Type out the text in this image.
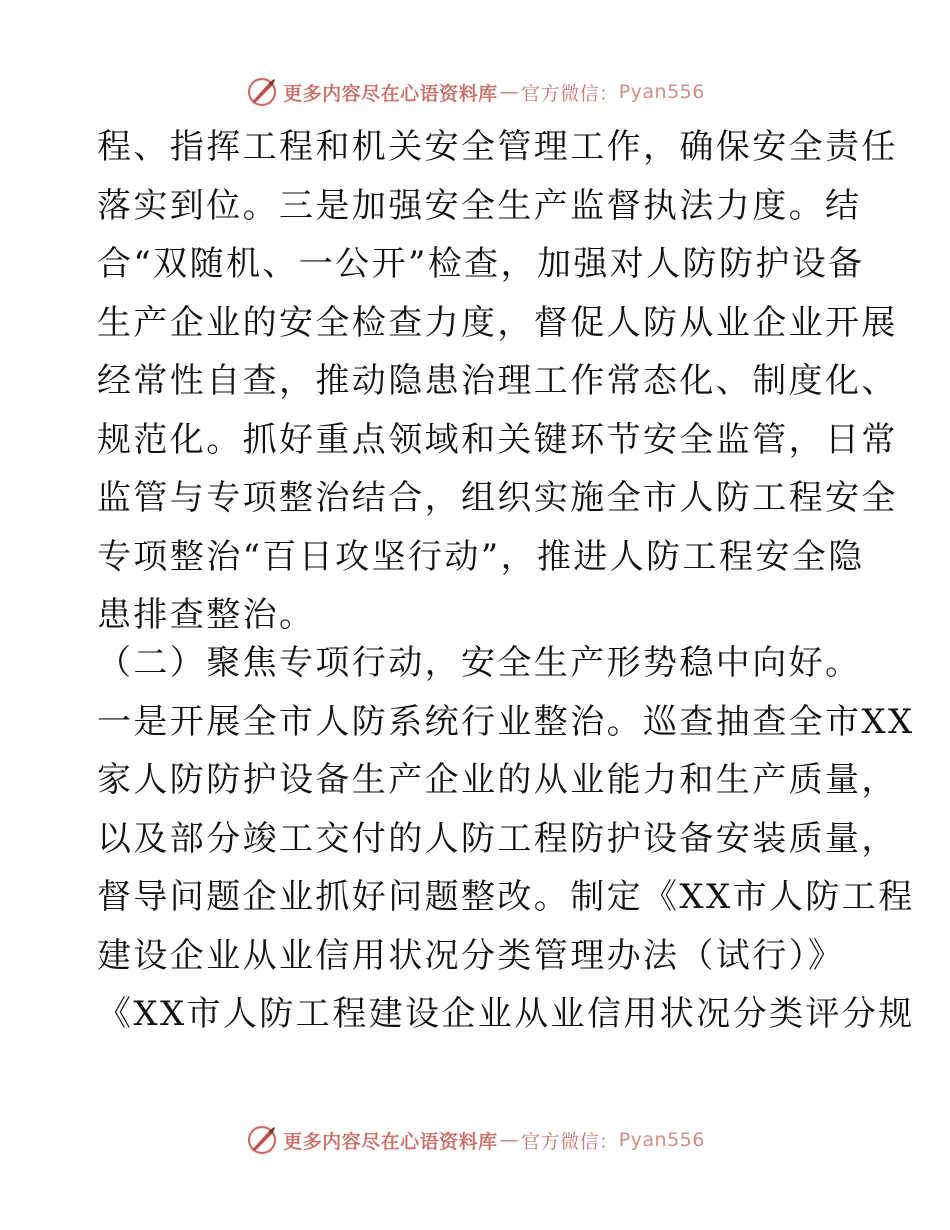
更多内容尽在心语资料库 — 官方微信： Pyan556
程、指挥工程和机关安全管理工作，确保安全责任
落实到位。三是加强安全生产监督执法力度。结
合“双随机、一公开”检查，加强对人防防护设备
生产企业的安全检查力度，督促人防从业企业开展
经常性自查，推动隐患治理工作常态化、制度化、
规范化。抓好重点领域和关键环节安全监管，日常
监管与专项整治结合，组织实施全市人防工程安全
专项整治“百日攻坚行动”，推进人防工程安全隐
患排查整治。
（二）聚焦专项行动，安全生产形势稳中向好。
一是开展全市人防系统行业整治。巡查抽查全市XX
家人防防护设备生产企业的从业能力和生产质量，
以及部分竣工交付的人防工程防护设备安装质量，
督导问题企业抓好问题整改。制定《XX市人防工程
建设企业从业信用状况分类管理办法（试行）》
《XX市人防工程建设企业从业信用状况分类评分规
更多内容尽在心语资料库 — 官方微信： Pyan556
